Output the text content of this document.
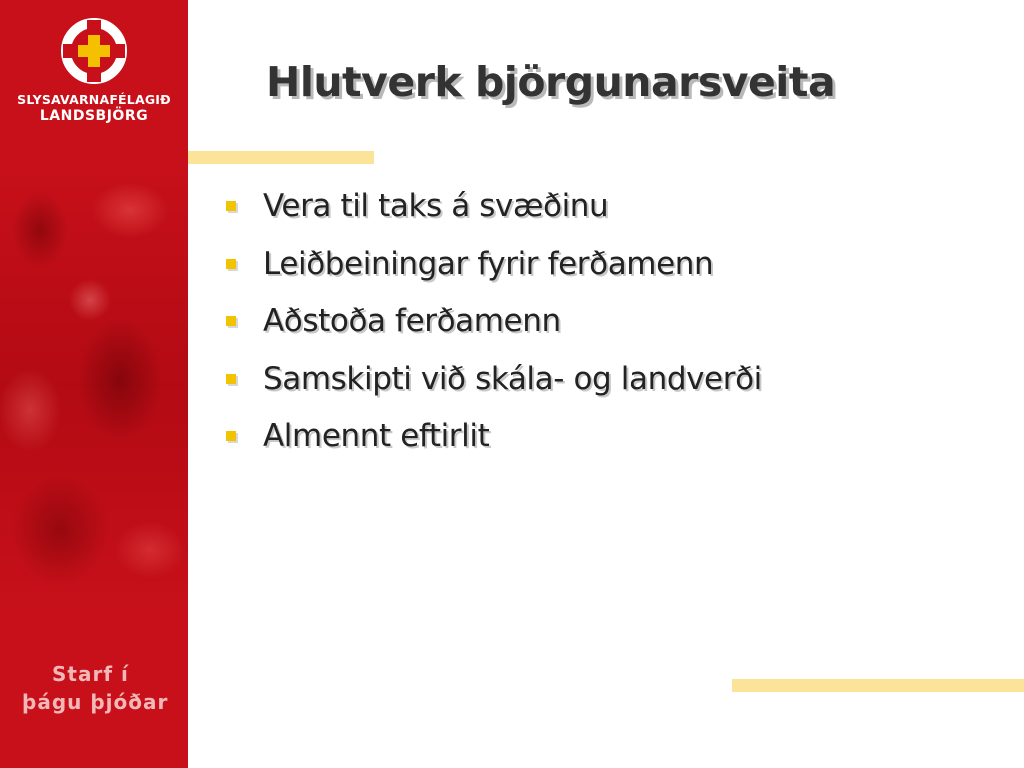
SLYSAVARNAFÉLAGIÐ
LANDSBJÖRG
Starf í
þágu þjóðar
Hlutverk björgunarsveita
Vera til taks á svæðinu
Leiðbeiningar fyrir ferðamenn
Aðstoða ferðamenn
Samskipti við skála- og landverði
Almennt eftirlit
